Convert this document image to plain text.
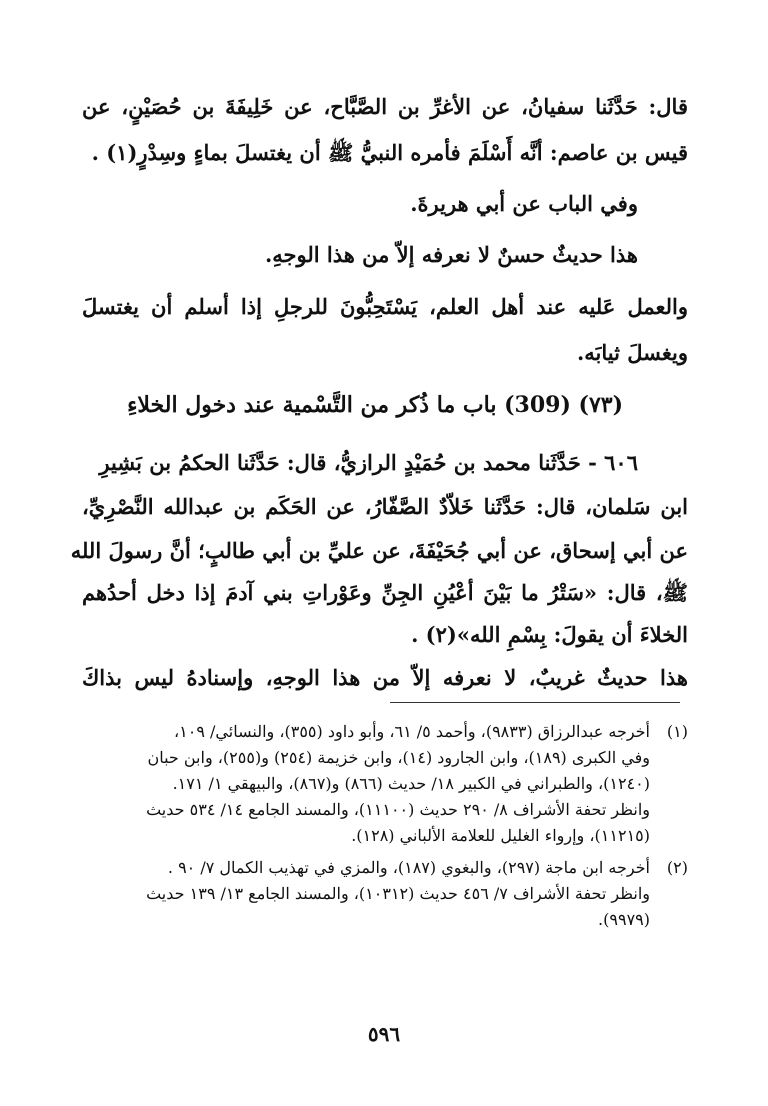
قال: حَدَّثَنا سفيانُ، عن الأغرِّ بن الصَّبَّاح، عن خَلِيفَةَ بن حُصَيْنٍ، عن
قيس بن عاصم: أنَّه أَسْلَمَ فأمره النبيُّ ﷺ أن يغتسلَ بماءٍ وسِدْرٍ(١) .
وفي الباب عن أبي هريرةَ.
هذا حديثٌ حسنٌ لا نعرفه إلاّ من هذا الوجهِ.
والعمل عَليه عند أهل العلم، يَسْتَحِبُّونَ للرجلِ إذا أسلم أن يغتسلَ
ويغسلَ ثيابَه.
(٧٣) (309) باب ما ذُكر من التَّسْمية عند دخول الخلاءِ
٦٠٦ - حَدَّثَنا محمد بن حُمَيْدٍ الرازيُّ، قال: حَدَّثَنا الحكمُ بن بَشِيرِ
ابن سَلمان، قال: حَدَّثَنا خَلاّدٌ الصَّفّارُ، عن الحَكَم بن عبدالله النَّصْرِيِّ،
عن أبي إسحاق، عن أبي جُحَيْفَةَ، عن عليِّ بن أبي طالبٍ؛ أنَّ رسولَ الله
ﷺ، قال: «سَتْرُ ما بَيْنَ أعْيُنِ الجِنِّ وعَوْراتِ بني آدمَ إذا دخل أحدُهم
الخلاءَ أن يقولَ: بِسْمِ الله»(٢) .
هذا حديثٌ غريبٌ، لا نعرفه إلاّ من هذا الوجهِ، وإسنادهُ ليس بذاكَ
(١)
أخرجه عبدالرزاق (٩٨٣٣)، وأحمد ٥/ ٦١، وأبو داود (٣٥٥)، والنسائي/ ١٠٩،
وفي الكبرى (١٨٩)، وابن الجارود (١٤)، وابن خزيمة (٢٥٤) و(٢٥٥)، وابن حبان
(١٢٤٠)، والطبراني في الكبير ١٨/ حديث (٨٦٦) و(٨٦٧)، والبيهقي ١/ ١٧١.
وانظر تحفة الأشراف ٨/ ٢٩٠ حديث (١١١٠٠)، والمسند الجامع ١٤/ ٥٣٤ حديث
(١١٢١٥)، وإرواء الغليل للعلامة الألباني (١٢٨).
(٢)
أخرجه ابن ماجة (٢٩٧)، والبغوي (١٨٧)، والمزي في تهذيب الكمال ٧/ ٩٠ .
وانظر تحفة الأشراف ٧/ ٤٥٦ حديث (١٠٣١٢)، والمسند الجامع ١٣/ ١٣٩ حديث
(٩٩٧٩).
٥٩٦
